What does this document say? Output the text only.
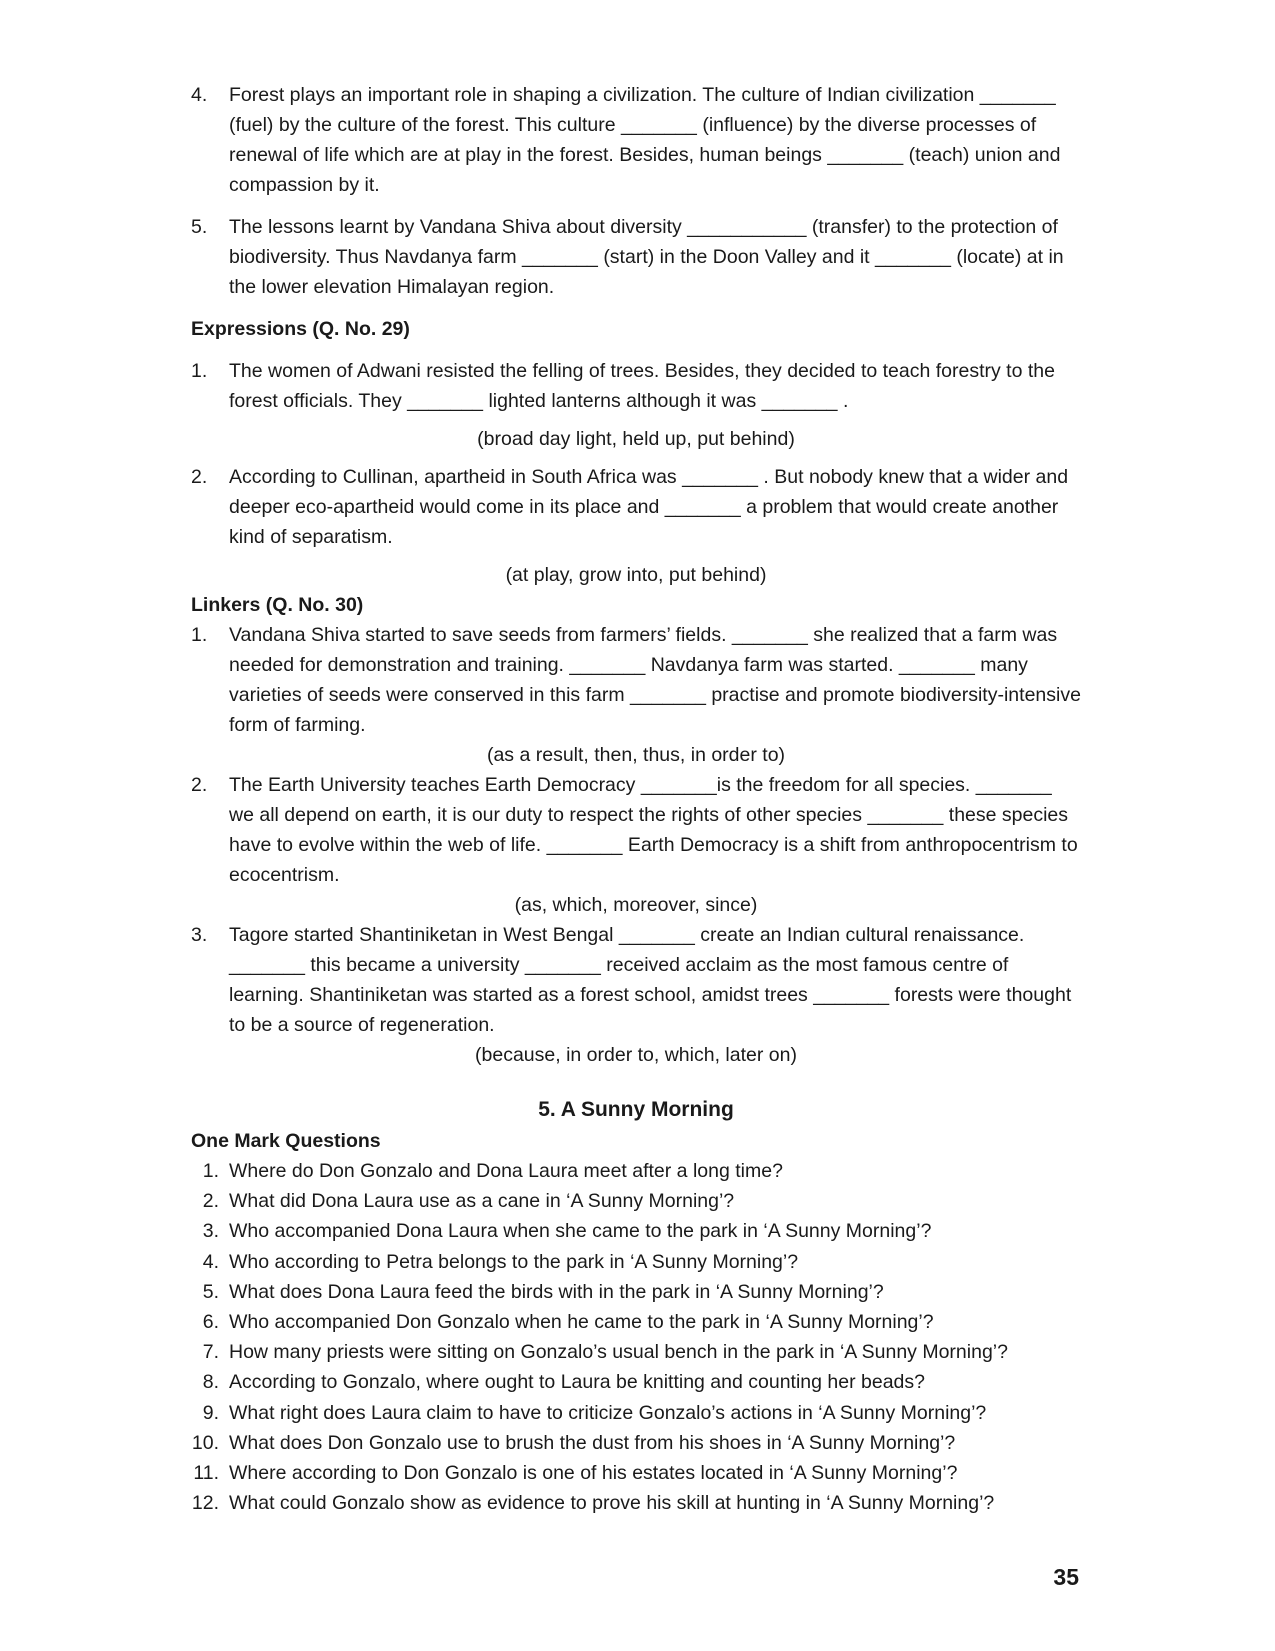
4.	Forest plays an important role in shaping a civilization. The culture of Indian civilization _______ (fuel) by the culture of the forest. This culture _______ (influence) by the diverse processes of renewal of life which are at play in the forest. Besides, human beings _______ (teach) union and compassion by it.
5.	The lessons learnt by Vandana Shiva about diversity ___________ (transfer) to the protection of biodiversity. Thus Navdanya farm _______ (start) in the Doon Valley and it _______ (locate) at in the lower elevation Himalayan region.
Expressions (Q. No. 29)
1.	The women of Adwani resisted the felling of trees. Besides, they decided to teach forestry to the forest officials. They _______ lighted lanterns although it was _______ .
(broad day light, held up, put behind)
2.	According to Cullinan, apartheid in South Africa was _______ . But nobody knew that a wider and deeper eco-apartheid would come in its place and _______ a problem that would create another kind of separatism.
(at play, grow into, put behind)
Linkers (Q. No. 30)
1.	Vandana Shiva started to save seeds from farmers’ fields. _______ she realized that a farm was needed for demonstration and training. _______ Navdanya farm was started. _______ many varieties of seeds were conserved in this farm _______ practise and promote biodiversity-intensive form of farming.
(as a result, then, thus, in order to)
2.	The Earth University teaches Earth Democracy _______is the freedom for all species. _______ we all depend on earth, it is our duty to respect the rights of other species _______ these species have to evolve within the web of life. _______ Earth Democracy is a shift from anthropocentrism to ecocentrism.
(as, which, moreover, since)
3.	Tagore started Shantiniketan in West Bengal _______ create an Indian cultural renaissance. _______ this became a university _______ received acclaim as the most famous centre of learning. Shantiniketan was started as a forest school, amidst trees _______ forests were thought to be a source of regeneration.
(because, in order to, which, later on)
5. A Sunny Morning
One Mark Questions
1. Where do Don Gonzalo and Dona Laura meet after a long time?
2. What did Dona Laura use as a cane in ‘A Sunny Morning’?
3. Who accompanied Dona Laura when she came to the park in ‘A Sunny Morning’?
4. Who according to Petra belongs to the park in ‘A Sunny Morning’?
5. What does Dona Laura feed the birds with in the park in ‘A Sunny Morning’?
6. Who accompanied Don Gonzalo when he came to the park in ‘A Sunny Morning’?
7. How many priests were sitting on Gonzalo’s usual bench in the park in ‘A Sunny Morning’?
8. According to Gonzalo, where ought to Laura be knitting and counting her beads?
9. What right does Laura claim to have to criticize Gonzalo’s actions in ‘A Sunny Morning’?
10. What does Don Gonzalo use to brush the dust from his shoes in ‘A Sunny Morning’?
11. Where according to Don Gonzalo is one of his estates located in ‘A Sunny Morning’?
12. What could Gonzalo show as evidence to prove his skill at hunting in ‘A Sunny Morning’?
35
